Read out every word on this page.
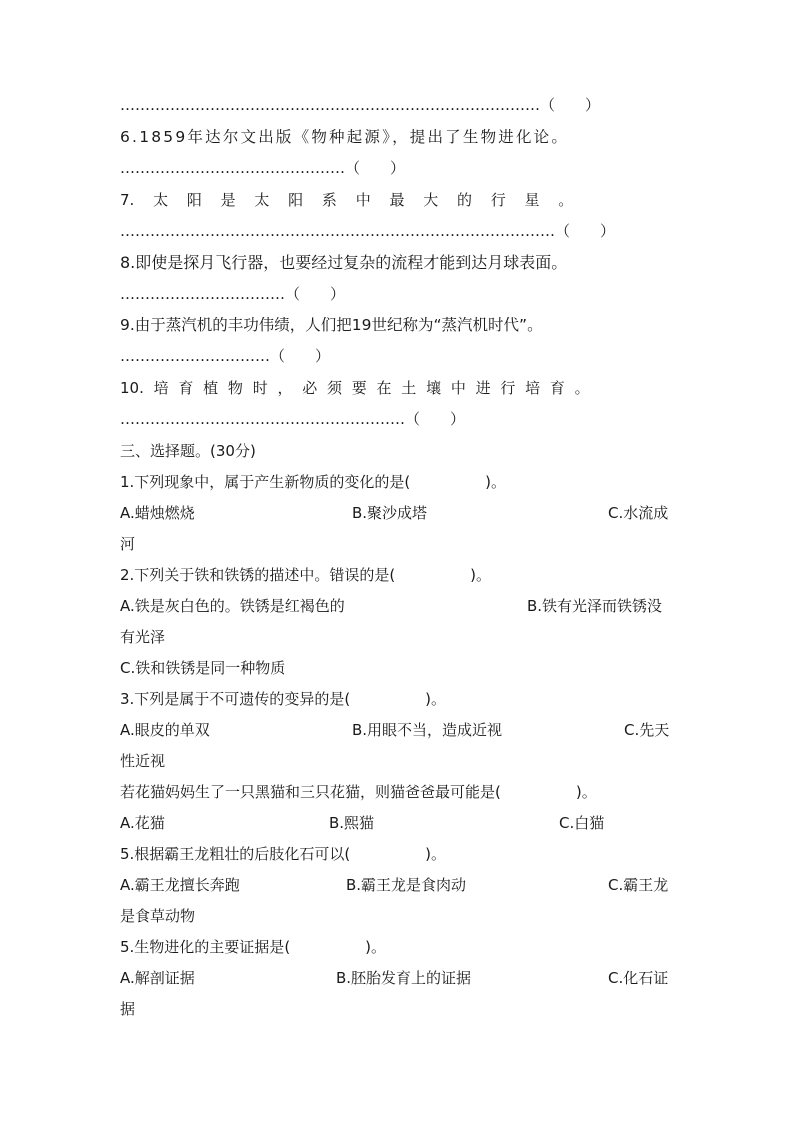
…………………………………………………………………………（　　）
6.1859年达尔文出版《物种起源》，提出了生物进化论。
………………………………………（　　）
7. 太 阳 是 太 阳 系 中 最 大 的 行 星 。
……………………………………………………………………………（　　）
8.即使是探月飞行器，也要经过复杂的流程才能到达月球表面。
……………………………（　　）
9.由于蒸汽机的丰功伟绩，人们把19世纪称为“蒸汽机时代”。
…………………………（　　）
10. 培 育 植 物 时 ， 必 须 要 在 土 壤 中 进 行 培 育 。
…………………………………………………（　　）
三、选择题。(30分)
1.下列现象中，属于产生新物质的变化的是(　　　　　)。
A.蜡烛燃烧	B.聚沙成塔	C.水流成
河
2.下列关于铁和铁锈的描述中。错误的是(　　　　　)。
A.铁是灰白色的。铁锈是红褐色的	B.铁有光泽而铁锈没
有光泽
C.铁和铁锈是同一种物质
3.下列是属于不可遗传的变异的是(　　　　　)。
A.眼皮的单双	B.用眼不当，造成近视	C.先天
性近视
若花猫妈妈生了一只黑猫和三只花猫，则猫爸爸最可能是(　　　　　)。
A.花猫	B.熙猫	C.白猫
5.根据霸王龙粗壮的后肢化石可以(　　　　　)。
A.霸王龙擅长奔跑	B.霸王龙是食肉动	C.霸王龙
是食草动物
5.生物进化的主要证据是(　　　　　)。
A.解剖证据	B.胚胎发育上的证据	C.化石证
据
